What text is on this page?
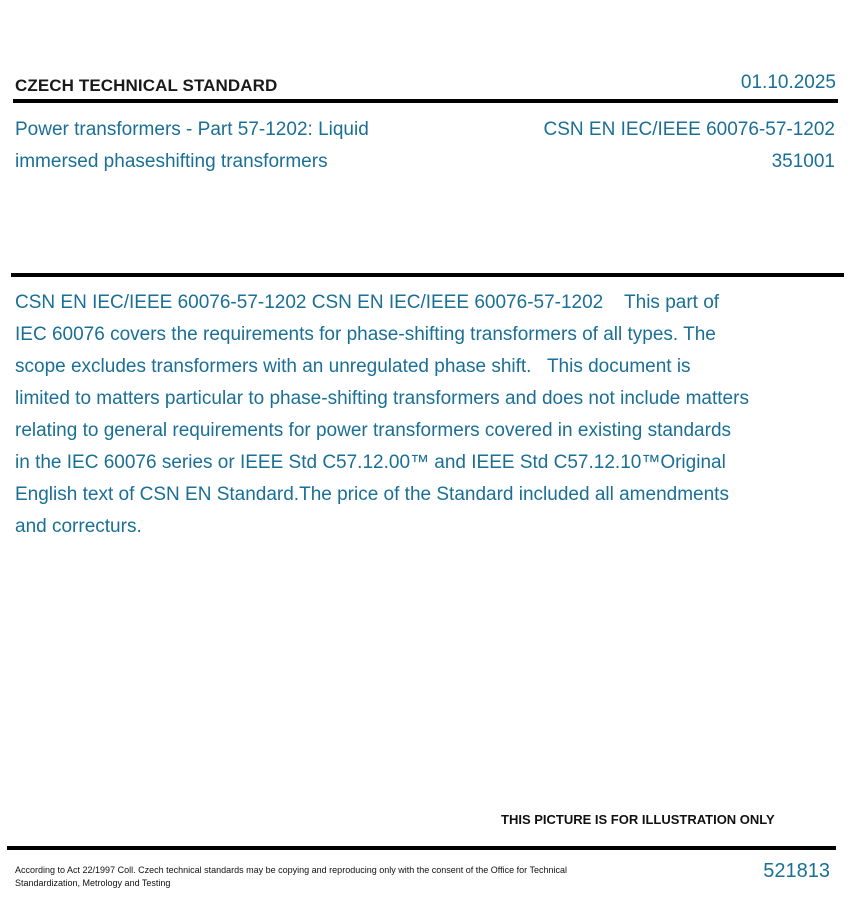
CZECH TECHNICAL STANDARD	01.10.2025
Power transformers - Part 57-1202: Liquid immersed phaseshifting transformers
CSN EN IEC/IEEE 60076-57-1202
351001
CSN EN IEC/IEEE 60076-57-1202 CSN EN IEC/IEEE 60076-57-1202    This part of IEC 60076 covers the requirements for phase-shifting transformers of all types. The scope excludes transformers with an unregulated phase shift.   This document is limited to matters particular to phase-shifting transformers and does not include matters relating to general requirements for power transformers covered in existing standards in the IEC 60076 series or IEEE Std C57.12.00™ and IEEE Std C57.12.10™Original English text of CSN EN Standard.The price of the Standard included all amendments and correcturs.
THIS PICTURE IS FOR ILLUSTRATION ONLY
According to Act 22/1997 Coll. Czech technical standards may be copying and reproducing only with the consent of the Office for Technical Standardization, Metrology and Testing
521813
